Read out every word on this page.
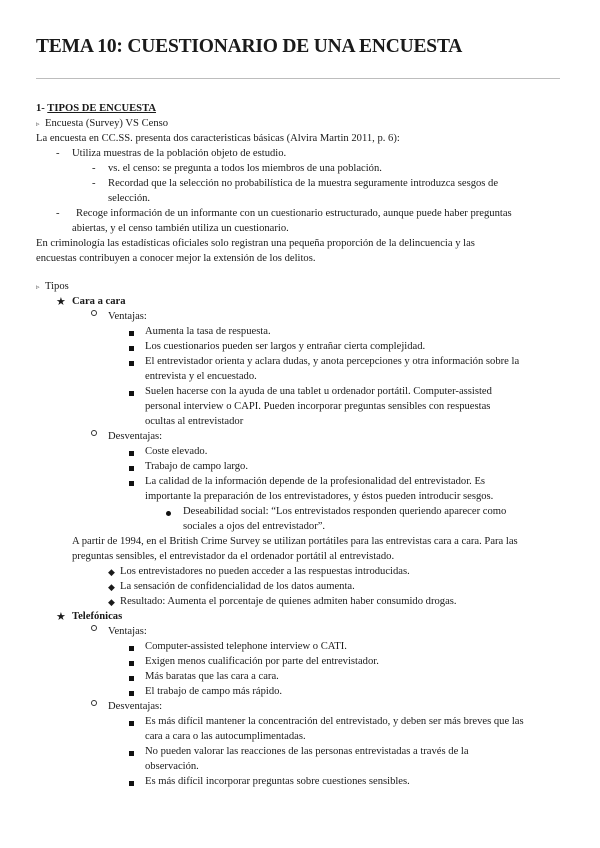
TEMA 10: CUESTIONARIO DE UNA ENCUESTA
1- TIPOS DE ENCUESTA
▹ Encuesta (Survey) VS Censo
La encuesta en CC.SS. presenta dos caracteristicas básicas (Alvira Martin 2011, p. 6):
- Utiliza muestras de la población objeto de estudio.
- vs. el censo: se pregunta a todos los miembros de una población.
- Recordad que la selección no probabilística de la muestra seguramente introduzca sesgos de
selección.
- Recoge información de un informante con un cuestionario estructurado, aunque puede haber preguntas
abiertas, y el censo también utiliza un cuestionario.
En criminología las estadísticas oficiales solo registran una pequeña proporción de la delincuencia y las
encuestas contribuyen a conocer mejor la extensión de los delitos.
▹ Tipos
★ Cara a cara
Ventajas:
Aumenta la tasa de respuesta.
Los cuestionarios pueden ser largos y entrañar cierta complejidad.
El entrevistador orienta y aclara dudas, y anota percepciones y otra información sobre la
entrevista y el encuestado.
Suelen hacerse con la ayuda de una tablet u ordenador portátil. Computer-assisted
personal interview o CAPI. Pueden incorporar preguntas sensibles con respuestas
ocultas al entrevistador
Desventajas:
Coste elevado.
Trabajo de campo largo.
La calidad de la información depende de la profesionalidad del entrevistador. Es
importante la preparación de los entrevistadores, y éstos pueden introducir sesgos.
Deseabilidad social: “Los entrevistados responden queriendo aparecer como
sociales a ojos del entrevistador”.
A partir de 1994, en el British Crime Survey se utilizan portátiles para las entrevistas cara a cara. Para las
preguntas sensibles, el entrevistador da el ordenador portátil al entrevistado.
◆ Los entrevistadores no pueden acceder a las respuestas introducidas.
◆ La sensación de confidencialidad de los datos aumenta.
◆ Resultado: Aumenta el porcentaje de quienes admiten haber consumido drogas.
★ Telefónicas
Ventajas:
Computer-assisted telephone interview o CATI.
Exigen menos cualificación por parte del entrevistador.
Más baratas que las cara a cara.
El trabajo de campo más rápido.
Desventajas:
Es más difícil mantener la concentración del entrevistado, y deben ser más breves que las
cara a cara o las autocumplimentadas.
No pueden valorar las reacciones de las personas entrevistadas a través de la
observación.
Es más difícil incorporar preguntas sobre cuestiones sensibles.
